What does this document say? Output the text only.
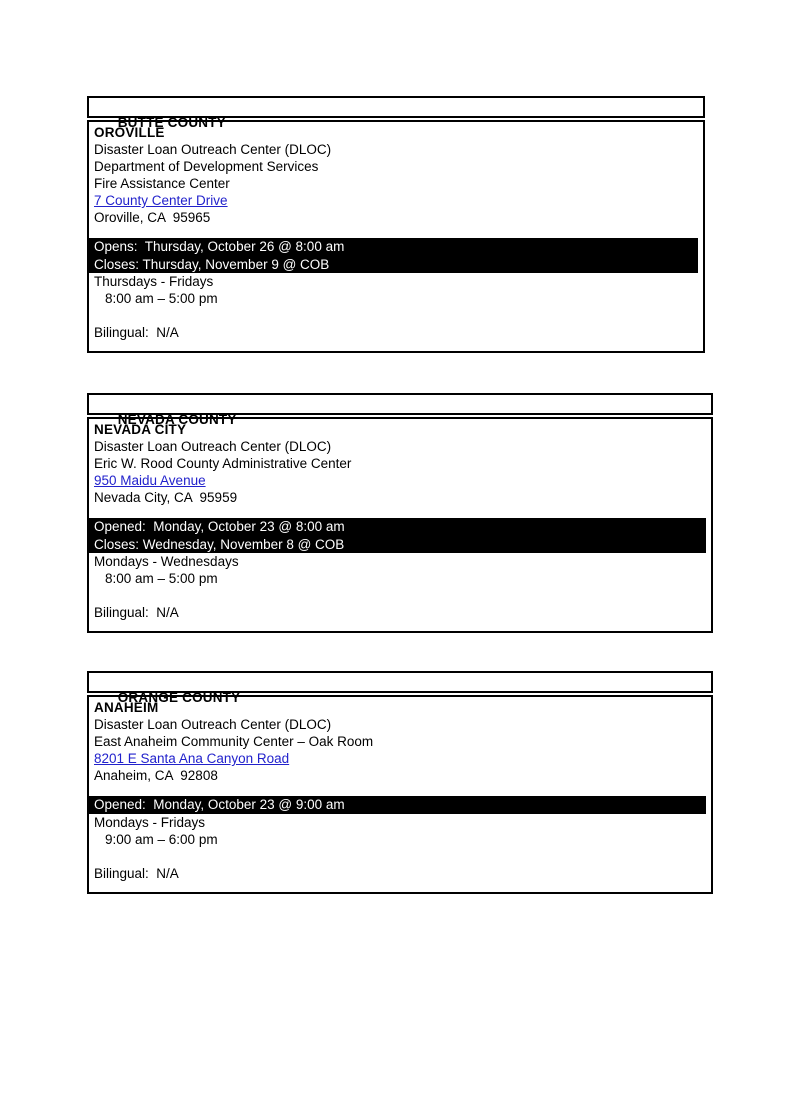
BUTTE COUNTY

OROVILLE
Disaster Loan Outreach Center (DLOC)
Department of Development Services
Fire Assistance Center
7 County Center Drive
Oroville, CA  95965
Opens:  Thursday, October 26 @ 8:00 am
Closes: Thursday, November 9 @ COB
Thursdays - Fridays
8:00 am – 5:00 pm
Bilingual:  N/A

NEVADA COUNTY

NEVADA CITY
Disaster Loan Outreach Center (DLOC)
Eric W. Rood County Administrative Center
950 Maidu Avenue
Nevada City, CA  95959
Opened:  Monday, October 23 @ 8:00 am
Closes: Wednesday, November 8 @ COB
Mondays - Wednesdays
8:00 am – 5:00 pm
Bilingual:  N/A

ORANGE COUNTY

ANAHEIM
Disaster Loan Outreach Center (DLOC)
East Anaheim Community Center – Oak Room
8201 E Santa Ana Canyon Road
Anaheim, CA  92808
Opened:  Monday, October 23 @ 9:00 am
Mondays - Fridays
9:00 am – 6:00 pm
Bilingual:  N/A
